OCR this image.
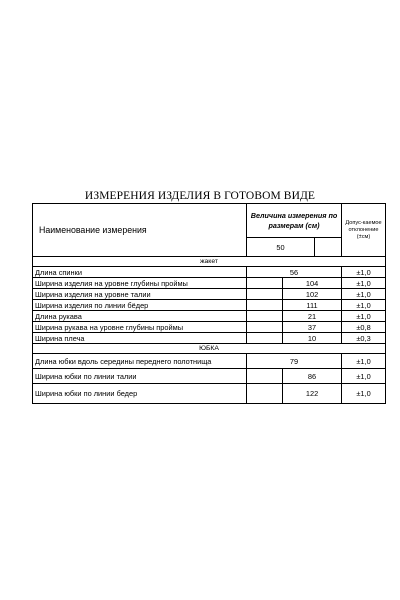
ИЗМЕРЕНИЯ ИЗДЕЛИЯ В ГОТОВОМ ВИДЕ
Наименование измерения	Величина измерения по размерам (см)			Допус-каемое отклонение (±см)
	50			
жакет				
Длина спинки	56			±1,0
Ширина изделия на уровне глубины проймы		104		±1,0
Ширина изделия на уровне талии		102		±1,0
Ширина изделия по линии бёдер		111		±1,0
Длина рукава		21		±1,0
Ширина рукава на уровне глубины проймы		37		±0,8
Ширина плеча		10		±0,3
ЮБКА				
Длина юбки вдоль середины переднего полотнища	79			±1,0
Ширина юбки по линии талии		86		±1,0
Ширина юбки по линии бедер		122		±1,0
